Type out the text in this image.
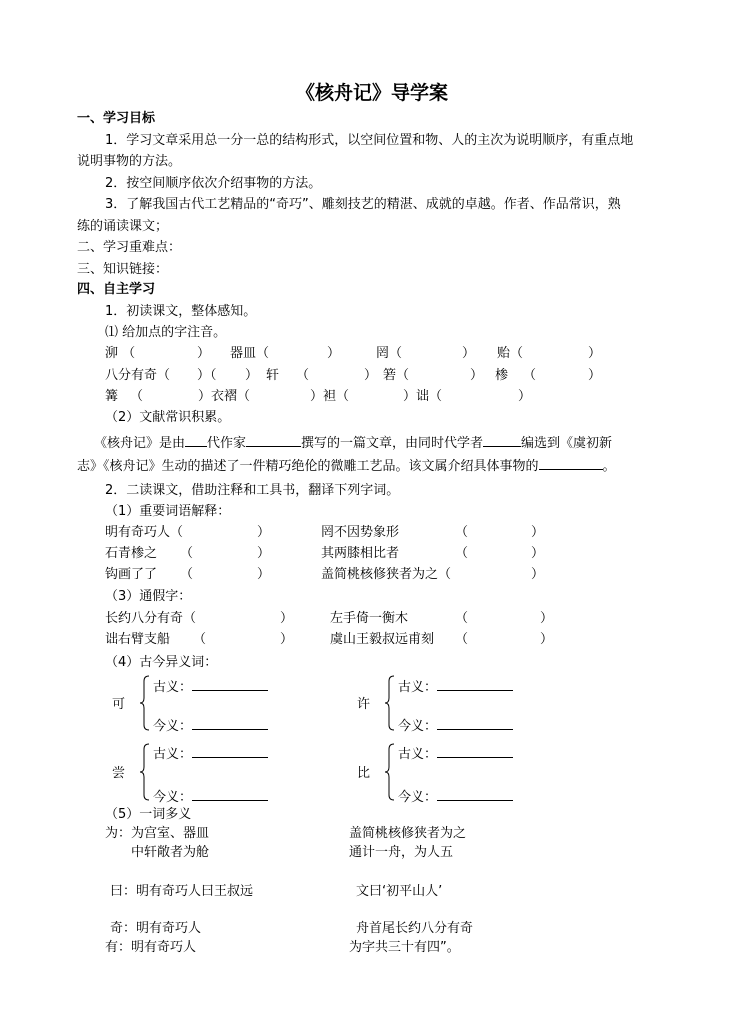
《核舟记》导学案
一、学习目标
1．学习文章采用总一分一总的结构形式，以空间位置和物、人的主次为说明顺序，有重点地
说明事物的方法。
2．按空间顺序依次介绍事物的方法。
3．了解我国古代工艺精品的“奇巧”、雕刻技艺的精湛、成就的卓越。作者、作品常识，熟
练的诵读课文；
二、学习重难点：
三、知识链接：
四、自主学习
1．初读课文，整体感知。
⑴ 给加点的字注音。
泖 （	） 器皿（	）	罔（	） 贻（	）
八分有奇（ ）（ ） 轩 （	） 箬（	） 椮 （	）
篝 （	）衣褶（	）袒（	）诎（	）
（2）文献常识积累。
《核舟记》是由 代作家	撰写的一篇文章，由同时代学者	编选到《虞初新
志》《核舟记》生动的描述了一件精巧绝伦的微雕工艺品。该文属介绍具体事物的	。
2．二读课文，借助注释和工具书，翻译下列字词。
（1）重要词语解释：
明有奇巧人（	）	罔不因势象形	（	）
石青椮之 （	）	其两膝相比者	（	）
钩画了了 （	）	盖简桃核修狭者为之（	）
（3）通假字：
长约八分有奇（	）	左手倚一衡木	（	）
诎右臂支船 （	）	虞山王毅叔远甫刻 （	）
（4）古今异义词：
可
古义：
今义：
许
古义：
今义：
尝
古义：
今义：
比
古义：
今义：
（5）一词多义
为：为宫室、器皿	盖简桃核修狭者为之
中轩敞者为舱	通计一舟，为人五
曰：明有奇巧人曰王叔远	文曰‘初平山人’
奇：明有奇巧人	舟首尾长约八分有奇
有：明有奇巧人	为字共三十有四”。
